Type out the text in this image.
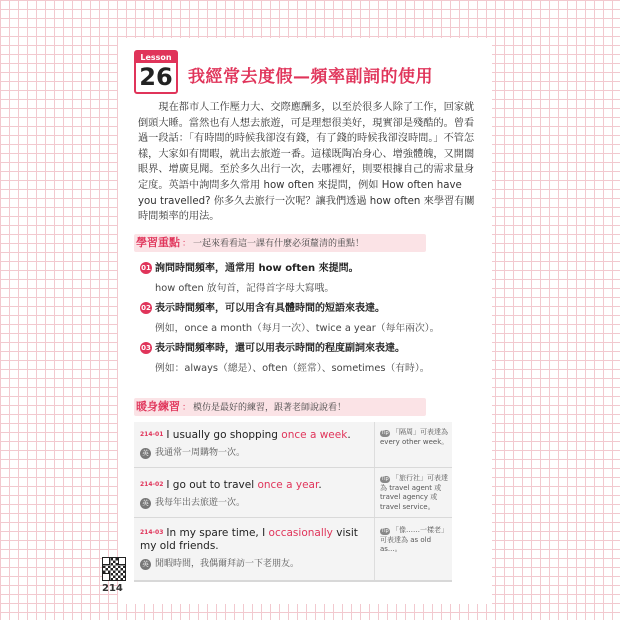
Lesson
26 我經常去度假—頻率副詞的使用
現在都市人工作壓力大、交際應酬多，以至於很多人除了工作，回家就倒頭大睡。當然也有人想去旅遊，可是理想很美好，現實卻是殘酷的。曾看過一段話：「有時間的時候我卻沒有錢，有了錢的時候我卻沒時間。」不管怎樣，大家如有閒暇，就出去旅遊一番。這樣既陶冶身心、增強體魄，又開闊眼界、增廣見聞。至於多久出行一次，去哪裡好，則要根據自己的需求量身定度。英語中詢問多久常用 how often 來提問，例如 How often have you travelled? 你多久去旅行一次呢？讓我們透過 how often 來學習有關時間頻率的用法。
學習重點 ： 一起來看看這一課有什麼必須釐清的重點！
01 詢問時間頻率，通常用 how often 來提問。
how often 放句首，記得首字母大寫哦。
02 表示時間頻率，可以用含有具體時間的短語來表達。
例如，once a month（每月一次）、twice a year（每年兩次）。
03 表示時間頻率時，還可以用表示時間的程度副詞來表達。
例如：always（總是）、often（經常）、sometimes（有時）。
暖身練習 ： 模仿是最好的練習，跟著老師說說看！
214-01 I usually go shopping once a week.
英 我通常一周購物一次。
Tip 「隔周」可表達為 every other week。
214-02 I go out to travel once a year.
英 我每年出去旅遊一次。
Tip 「旅行社」可表達為 travel agent 或 travel agency 或 travel service。
214-03 In my spare time, I occasionally visit my old friends.
英 閒暇時間，我偶爾拜訪一下老朋友。
Tip 「像……一樣老」可表達為 as old as...。
214
